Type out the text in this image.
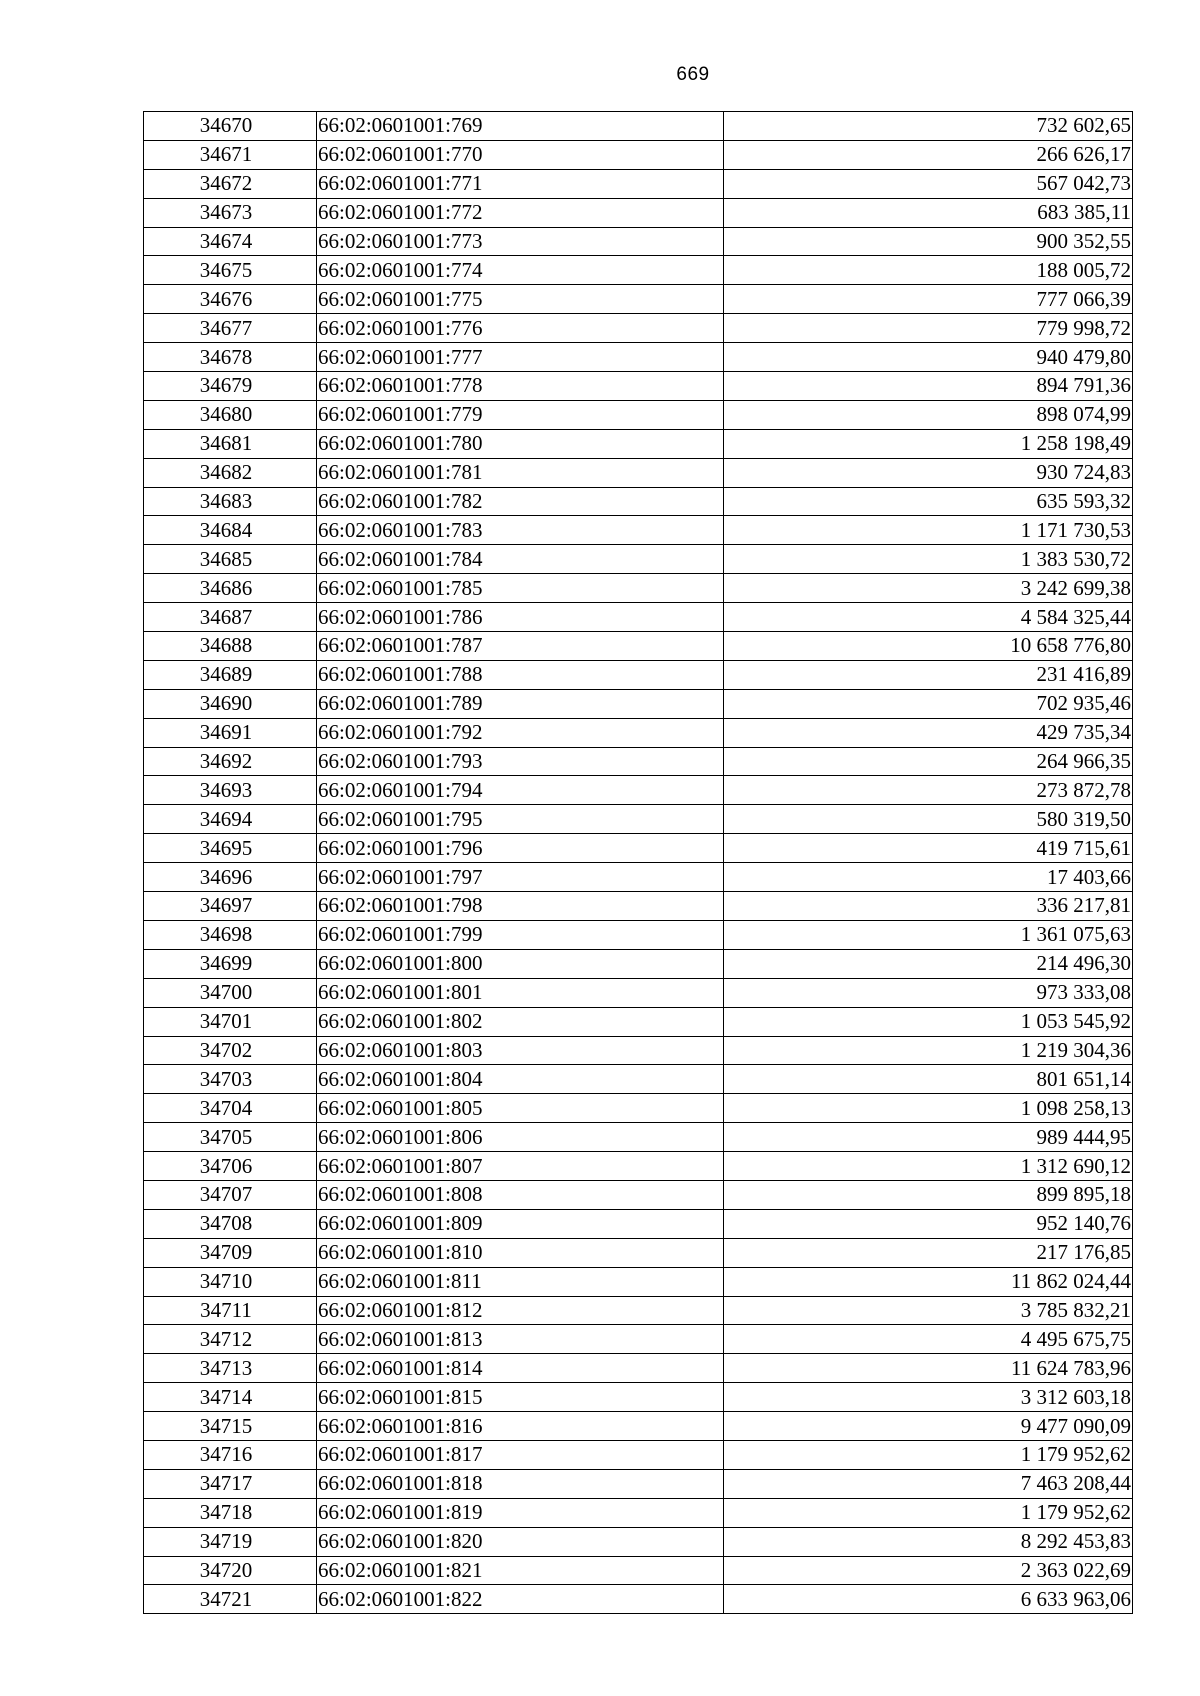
669
34670	66:02:0601001:769	732 602,65
34671	66:02:0601001:770	266 626,17
34672	66:02:0601001:771	567 042,73
34673	66:02:0601001:772	683 385,11
34674	66:02:0601001:773	900 352,55
34675	66:02:0601001:774	188 005,72
34676	66:02:0601001:775	777 066,39
34677	66:02:0601001:776	779 998,72
34678	66:02:0601001:777	940 479,80
34679	66:02:0601001:778	894 791,36
34680	66:02:0601001:779	898 074,99
34681	66:02:0601001:780	1 258 198,49
34682	66:02:0601001:781	930 724,83
34683	66:02:0601001:782	635 593,32
34684	66:02:0601001:783	1 171 730,53
34685	66:02:0601001:784	1 383 530,72
34686	66:02:0601001:785	3 242 699,38
34687	66:02:0601001:786	4 584 325,44
34688	66:02:0601001:787	10 658 776,80
34689	66:02:0601001:788	231 416,89
34690	66:02:0601001:789	702 935,46
34691	66:02:0601001:792	429 735,34
34692	66:02:0601001:793	264 966,35
34693	66:02:0601001:794	273 872,78
34694	66:02:0601001:795	580 319,50
34695	66:02:0601001:796	419 715,61
34696	66:02:0601001:797	17 403,66
34697	66:02:0601001:798	336 217,81
34698	66:02:0601001:799	1 361 075,63
34699	66:02:0601001:800	214 496,30
34700	66:02:0601001:801	973 333,08
34701	66:02:0601001:802	1 053 545,92
34702	66:02:0601001:803	1 219 304,36
34703	66:02:0601001:804	801 651,14
34704	66:02:0601001:805	1 098 258,13
34705	66:02:0601001:806	989 444,95
34706	66:02:0601001:807	1 312 690,12
34707	66:02:0601001:808	899 895,18
34708	66:02:0601001:809	952 140,76
34709	66:02:0601001:810	217 176,85
34710	66:02:0601001:811	11 862 024,44
34711	66:02:0601001:812	3 785 832,21
34712	66:02:0601001:813	4 495 675,75
34713	66:02:0601001:814	11 624 783,96
34714	66:02:0601001:815	3 312 603,18
34715	66:02:0601001:816	9 477 090,09
34716	66:02:0601001:817	1 179 952,62
34717	66:02:0601001:818	7 463 208,44
34718	66:02:0601001:819	1 179 952,62
34719	66:02:0601001:820	8 292 453,83
34720	66:02:0601001:821	2 363 022,69
34721	66:02:0601001:822	6 633 963,06
